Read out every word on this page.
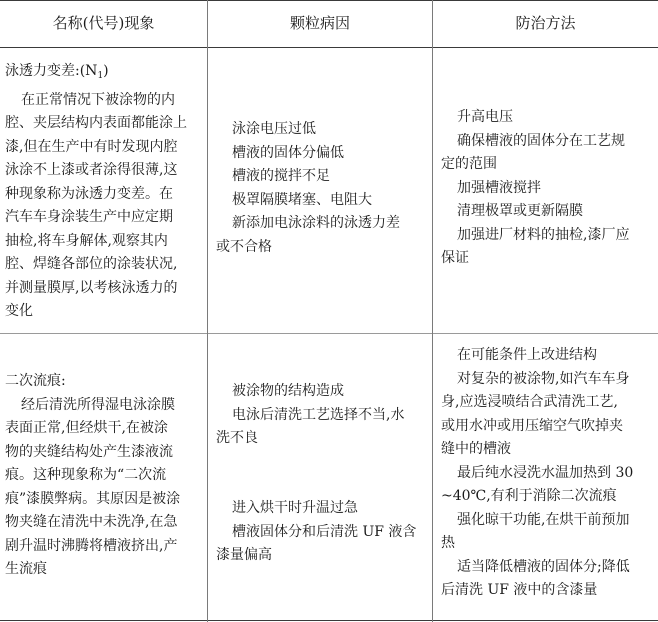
名称(代号)现象	颗粒病因	防治方法
泳透力变差$:(N_1)$
在正常情况下被涂物的内
腔、夹层结构内表面都能涂上
漆,但在生产中有时发现内腔
泳涂不上漆或者涂得很薄,这
种现象称为泳透力变差。在
汽车车身涂装生产中应定期
抽检,将车身解体,观察其内
腔、焊缝各部位的涂装状况,
并测量膜厚,以考核泳透力的
变化
泳涂电压过低
槽液的固体分偏低
槽液的搅拌不足
极罩隔膜堵塞、电阻大
新添加电泳涂料的泳透力差
或不合格
升高电压
确保槽液的固体分在工艺规
定的范围
加强槽液搅拌
清理极罩或更新隔膜
加强进厂材料的抽检,漆厂应
保证
二次流痕:
经后清洗所得湿电泳涂膜
表面正常,但经烘干,在被涂
物的夹缝结构处产生漆液流
痕。这种现象称为“二次流
痕”漆膜弊病。其原因是被涂
物夹缝在清洗中未洗净,在急
剧升温时沸腾将槽液挤出,产
生流痕
被涂物的结构造成
电泳后清洗工艺选择不当,水
洗不良
进入烘干时升温过急
槽液固体分和后清洗 UF 液含
漆量偏高
在可能条件上改进结构
对复杂的被涂物,如汽车车身
身,应选浸喷结合武清洗工艺,
或用水冲或用压缩空气吹掉夹
缝中的槽液
最后纯水浸洗水温加热到 30
~40℃,有利于消除二次流痕
强化晾干功能,在烘干前预加
热
适当降低槽液的固体分;降低
后清洗 UF 液中的含漆量
